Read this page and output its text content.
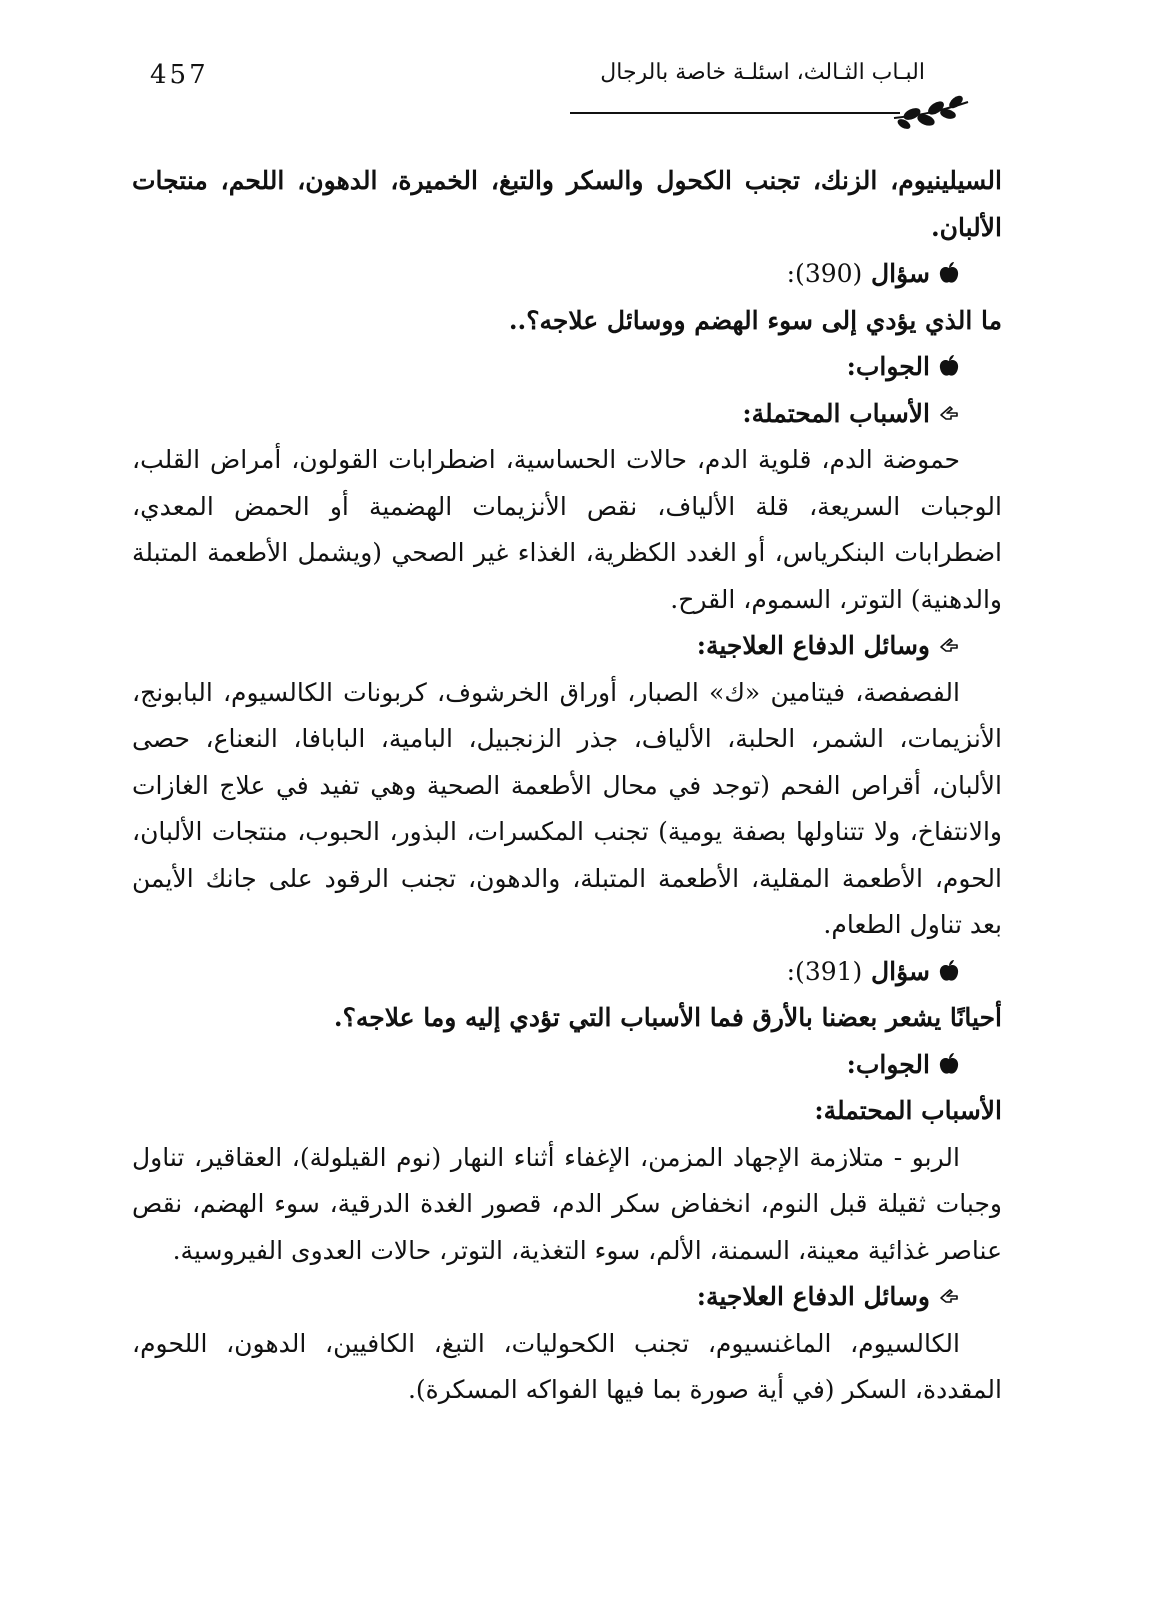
457	البـاب الثـالث، اسئلـة خاصة بالرجال

السيلينيوم، الزنك، تجنب الكحول والسكر والتبغ، الخميرة، الدهون، اللحم، منتجات الألبان.

سؤال (390):

ما الذي يؤدي إلى سوء الهضم ووسائل علاجه؟..

الجواب:

الأسباب المحتملة:

حموضة الدم، قلوية الدم، حالات الحساسية، اضطرابات القولون، أمراض القلب، الوجبات السريعة، قلة الألياف، نقص الأنزيمات الهضمية أو الحمض المعدي، اضطرابات البنكرياس، أو الغدد الكظرية، الغذاء غير الصحي (ويشمل الأطعمة المتبلة والدهنية) التوتر، السموم، القرح.

وسائل الدفاع العلاجية:

الفصفصة، فيتامين «ك» الصبار، أوراق الخرشوف، كربونات الكالسيوم، البابونج، الأنزيمات، الشمر، الحلبة، الألياف، جذر الزنجبيل، البامية، البابافا، النعناع، حصى الألبان، أقراص الفحم (توجد في محال الأطعمة الصحية وهي تفيد في علاج الغازات والانتفاخ، ولا تتناولها بصفة يومية) تجنب المكسرات، البذور، الحبوب، منتجات الألبان، الحوم، الأطعمة المقلية، الأطعمة المتبلة، والدهون، تجنب الرقود على جانك الأيمن بعد تناول الطعام.

سؤال (391):

أحيانًا يشعر بعضنا بالأرق فما الأسباب التي تؤدي إليه وما علاجه؟.

الجواب:

الأسباب المحتملة:

الربو - متلازمة الإجهاد المزمن، الإغفاء أثناء النهار (نوم القيلولة)، العقاقير، تناول وجبات ثقيلة قبل النوم، انخفاض سكر الدم، قصور الغدة الدرقية، سوء الهضم، نقص عناصر غذائية معينة، السمنة، الألم، سوء التغذية، التوتر، حالات العدوى الفيروسية.

وسائل الدفاع العلاجية:

الكالسيوم، الماغنسيوم، تجنب الكحوليات، التبغ، الكافيين، الدهون، اللحوم، المقددة، السكر (في أية صورة بما فيها الفواكه المسكرة).
